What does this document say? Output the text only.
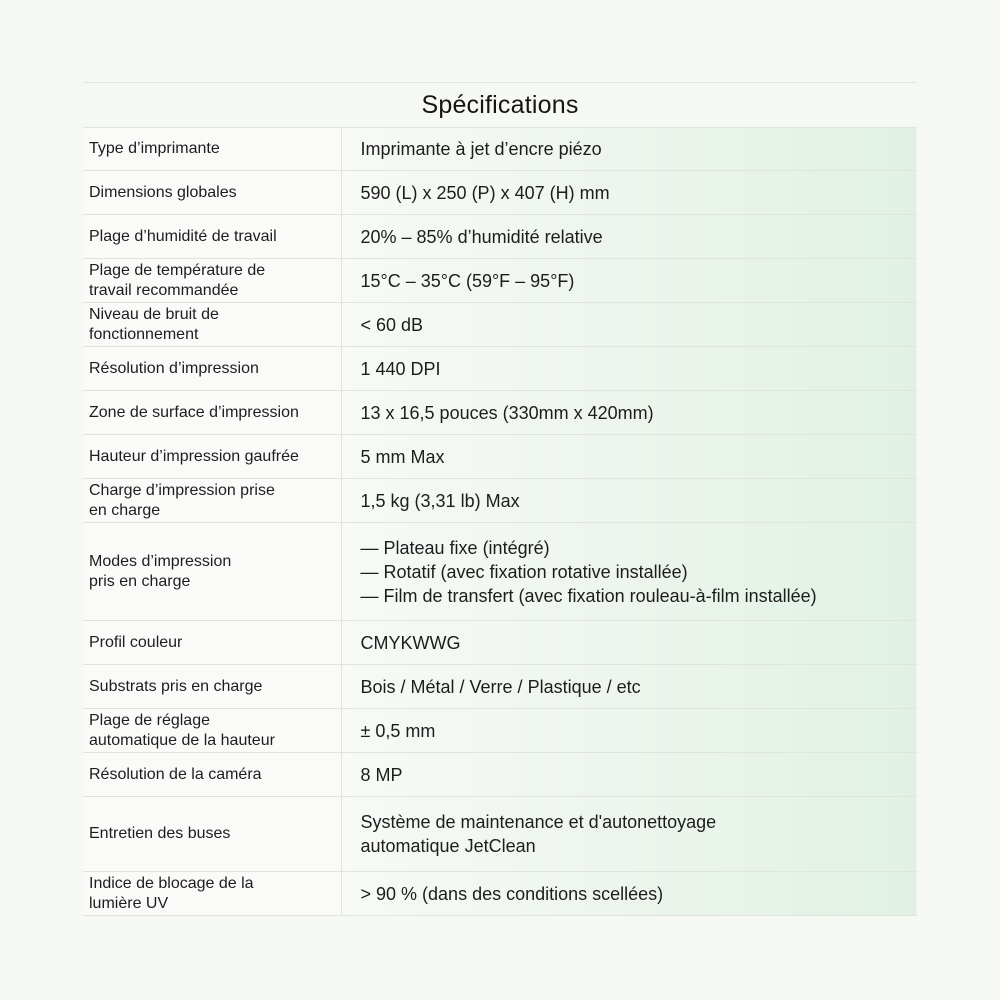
Spécifications
Type d’imprimante	Imprimante à jet d’encre piézo

Dimensions globales	590 (L) x 250 (P) x 407 (H) mm

Plage d’humidité de travail	20% – 85% d’humidité relative

Plage de température de
travail recommandée	15°C – 35°C (59°F – 95°F)

Niveau de bruit de
fonctionnement	< 60 dB

Résolution d’impression	1 440 DPI

Zone de surface d’impression	13 x 16,5 pouces (330mm x 420mm)

Hauteur d’impression gaufrée	5 mm Max

Charge d’impression prise
en charge	1,5 kg (3,31 lb) Max

Modes d’impression
pris en charge	— Plateau fixe (intégré)
— Rotatif (avec fixation rotative installée)
— Film de transfert (avec fixation rouleau-à-film installée)

Profil couleur	CMYKWWG

Substrats pris en charge	Bois / Métal / Verre / Plastique / etc

Plage de réglage
automatique de la hauteur	± 0,5 mm

Résolution de la caméra	8 MP

Entretien des buses	Système de maintenance et d'autonettoyage
automatique JetClean

Indice de blocage de la
lumière UV	> 90 % (dans des conditions scellées)
